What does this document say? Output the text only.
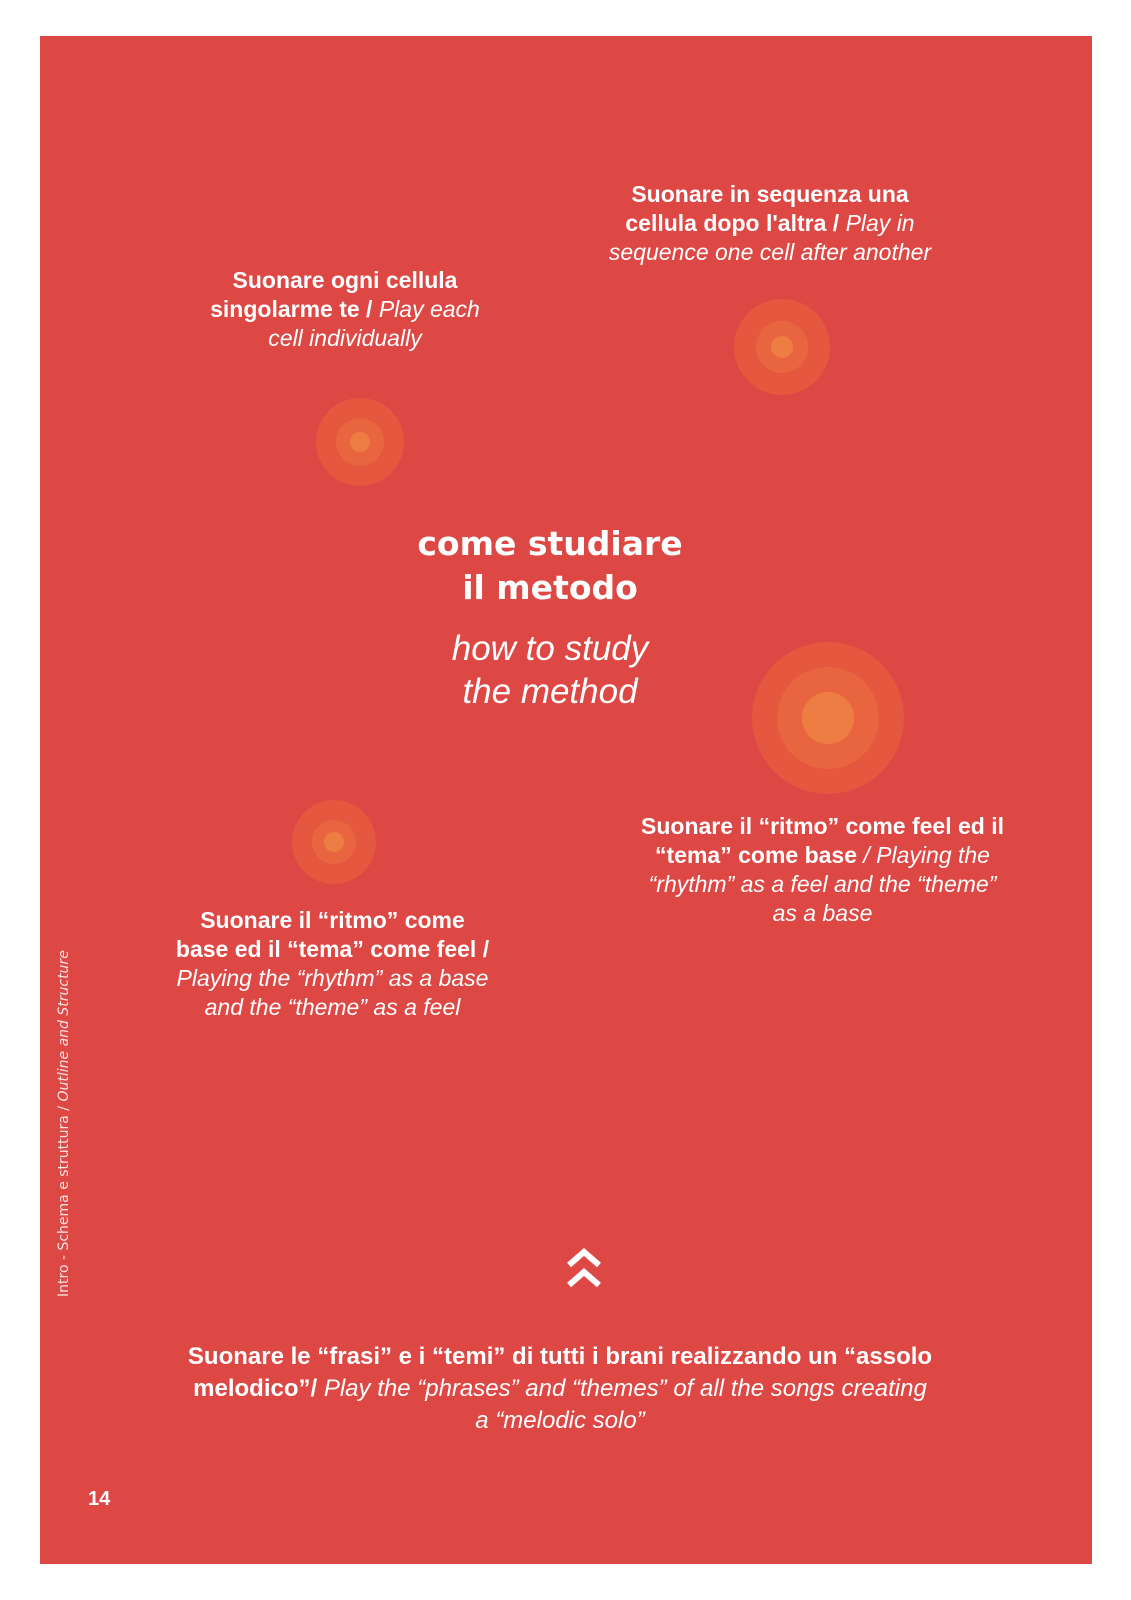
Suonare in sequenza una
cellula dopo l'altra / Play in
sequence one cell after another
Suonare ogni cellula
singolarme te / Play each
cell individually
come studiare
il metodo
how to study
the method
Suonare il “ritmo” come feel ed il
“tema” come base / Playing the
“rhythm” as a feel and the “theme”
as a base
Suonare il “ritmo” come
base ed il “tema” come feel /
Playing the “rhythm” as a base
and the “theme” as a feel
Suonare le “frasi” e i “temi” di tutti i brani realizzando un “assolo
melodico”/ Play the “phrases” and “themes” of all the songs creating
a “melodic solo”
Intro - Schema e struttura / Outline and Structure
14
